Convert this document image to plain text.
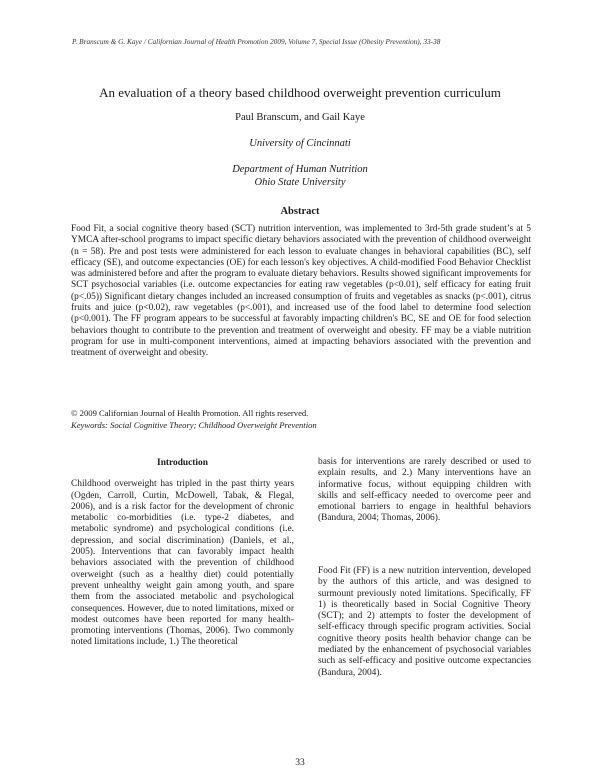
P. Branscum & G. Kaye / Californian Journal of Health Promotion 2009, Volume 7, Special Issue (Obesity Prevention), 33-38
An evaluation of a theory based childhood overweight prevention curriculum
Paul Branscum, and Gail Kaye
University of Cincinnati
Department of Human Nutrition
Ohio State University
Abstract
Food Fit, a social cognitive theory based (SCT) nutrition intervention, was implemented to 3rd-5th grade student’s at 5 YMCA after-school programs to impact specific dietary behaviors associated with the prevention of childhood overweight (n = 58). Pre and post tests were administered for each lesson to evaluate changes in behavioral capabilities (BC), self efficacy (SE), and outcome expectancies (OE) for each lesson's key objectives. A child-modified Food Behavior Checklist was administered before and after the program to evaluate dietary behaviors. Results showed significant improvements for SCT psychosocial variables (i.e. outcome expectancies for eating raw vegetables (p<0.01), self efficacy for eating fruit (p<.05)) Significant dietary changes included an increased consumption of fruits and vegetables as snacks (p<.001), citrus fruits and juice (p<0.02), raw vegetables (p<.001), and increased use of the food label to determine food selection (p<0.001). The FF program appears to be successful at favorably impacting children's BC, SE and OE for food selection behaviors thought to contribute to the prevention and treatment of overweight and obesity. FF may be a viable nutrition program for use in multi-component interventions, aimed at impacting behaviors associated with the prevention and treatment of overweight and obesity.
© 2009 Californian Journal of Health Promotion. All rights reserved.
Keywords: Social Cognitive Theory; Childhood Overweight Prevention
Introduction

Childhood overweight has tripled in the past thirty years (Ogden, Carroll, Curtin, McDowell, Tabak, & Flegal, 2006), and is a risk factor for the development of chronic metabolic co-morbidities (i.e. type-2 diabetes, and metabolic syndrome) and psychological conditions (i.e. depression, and social discrimination) (Daniels, et al., 2005). Interventions that can favorably impact health behaviors associated with the prevention of childhood overweight (such as a healthy diet) could potentially prevent unhealthy weight gain among youth, and spare them from the associated metabolic and psychological consequences. However, due to noted limitations, mixed or modest outcomes have been reported for many health-promoting interventions (Thomas, 2006). Two commonly noted limitations include, 1.) The theoretical

basis for interventions are rarely described or used to explain results, and 2.) Many interventions have an informative focus, without equipping children with skills and self-efficacy needed to overcome peer and emotional barriers to engage in healthful behaviors (Bandura, 2004; Thomas, 2006).

Food Fit (FF) is a new nutrition intervention, developed by the authors of this article, and was designed to surmount previously noted limitations. Specifically, FF 1) is theoretically based in Social Cognitive Theory (SCT); and 2) attempts to foster the development of self-efficacy through specific program activities. Social cognitive theory posits health behavior change can be mediated by the enhancement of psychosocial variables such as self-efficacy and positive outcome expectancies (Bandura, 2004).

33
